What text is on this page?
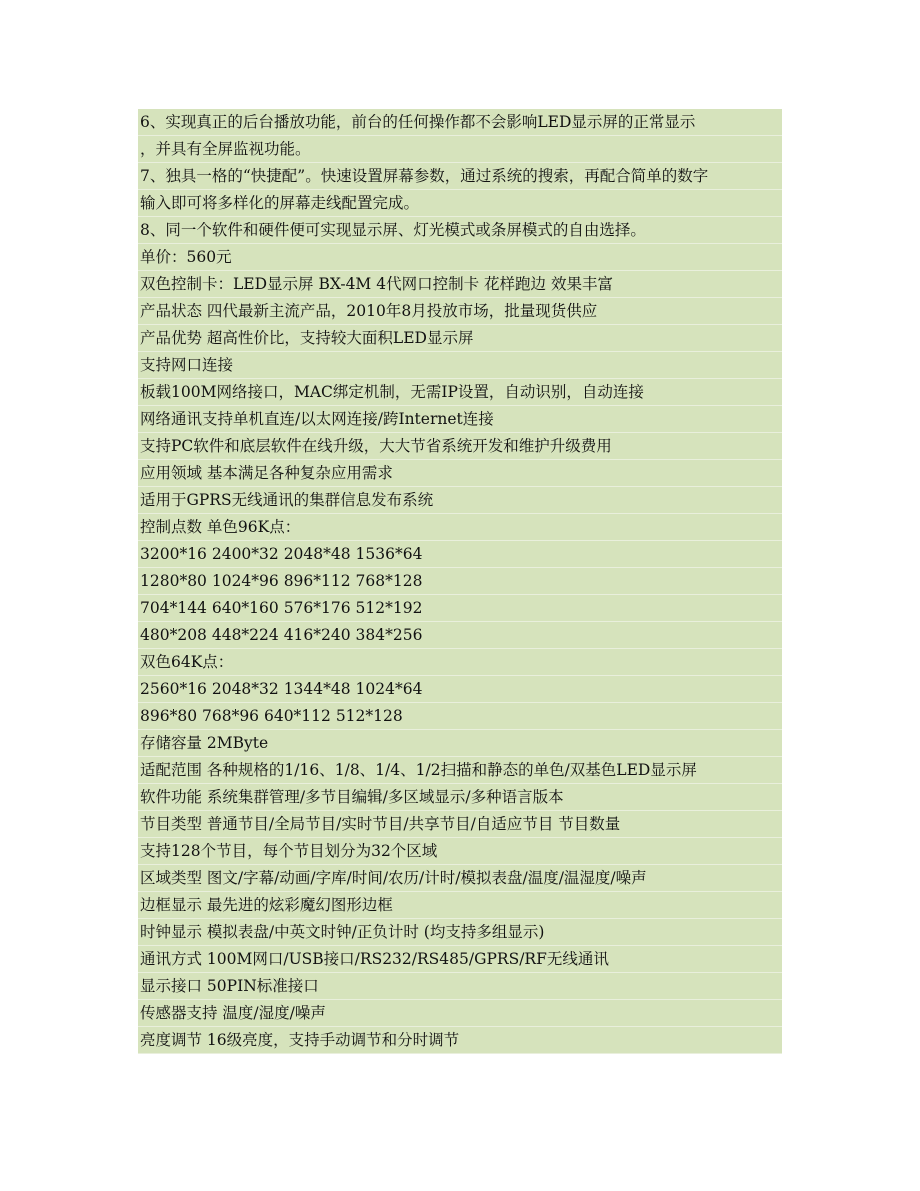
6、实现真正的后台播放功能，前台的任何操作都不会影响LED显示屏的正常显示
，并具有全屏监视功能。
7、独具一格的“快捷配”。快速设置屏幕参数，通过系统的搜索，再配合简单的数字
输入即可将多样化的屏幕走线配置完成。
8、同一个软件和硬件便可实现显示屏、灯光模式或条屏模式的自由选择。
单价：560元
双色控制卡：LED显示屏 BX-4M 4代网口控制卡 花样跑边 效果丰富
产品状态 四代最新主流产品，2010年8月投放市场，批量现货供应
产品优势 超高性价比，支持较大面积LED显示屏
支持网口连接
板载100M网络接口，MAC绑定机制，无需IP设置，自动识别，自动连接
网络通讯支持单机直连/以太网连接/跨Internet连接
支持PC软件和底层软件在线升级，大大节省系统开发和维护升级费用
应用领域 基本满足各种复杂应用需求
适用于GPRS无线通讯的集群信息发布系统
控制点数 单色96K点：
3200*16 2400*32 2048*48 1536*64
1280*80 1024*96 896*112 768*128
704*144 640*160 576*176 512*192
480*208 448*224 416*240 384*256
双色64K点：
2560*16 2048*32 1344*48 1024*64
896*80 768*96 640*112 512*128
存储容量 2MByte
适配范围 各种规格的1/16、1/8、1/4、1/2扫描和静态的单色/双基色LED显示屏
软件功能 系统集群管理/多节目编辑/多区域显示/多种语言版本
节目类型 普通节目/全局节目/实时节目/共享节目/自适应节目 节目数量
支持128个节目，每个节目划分为32个区域
区域类型 图文/字幕/动画/字库/时间/农历/计时/模拟表盘/温度/温湿度/噪声
边框显示 最先进的炫彩魔幻图形边框
时钟显示 模拟表盘/中英文时钟/正负计时 (均支持多组显示)
通讯方式 100M网口/USB接口/RS232/RS485/GPRS/RF无线通讯
显示接口 50PIN标准接口
传感器支持 温度/湿度/噪声
亮度调节 16级亮度，支持手动调节和分时调节
